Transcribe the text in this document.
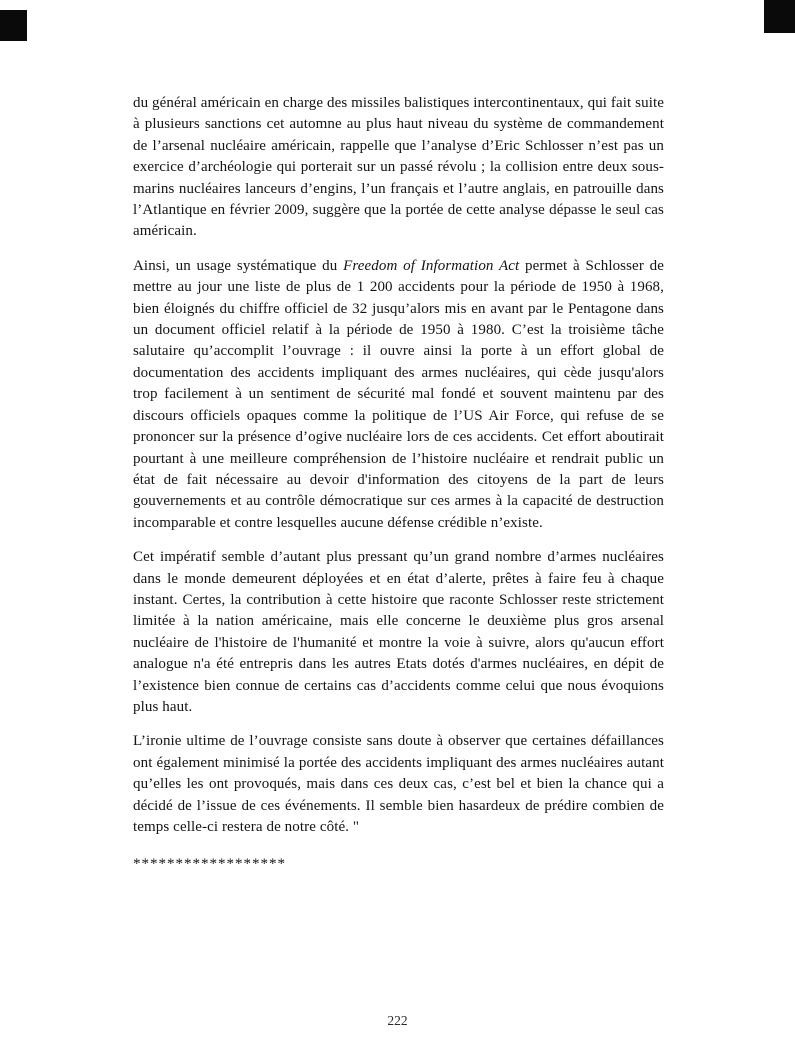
du général américain en charge des missiles balistiques intercontinentaux, qui fait suite à plusieurs sanctions cet automne au plus haut niveau du système de commandement de l’arsenal nucléaire américain, rappelle que l’analyse d’Eric Schlosser n’est pas un exercice d’archéologie qui porterait sur un passé révolu ; la collision entre deux sous-marins nucléaires lanceurs d’engins, l’un français et l’autre anglais, en patrouille dans l’Atlantique en février 2009, suggère que la portée de cette analyse dépasse le seul cas américain.

Ainsi, un usage systématique du Freedom of Information Act permet à Schlosser de mettre au jour une liste de plus de 1 200 accidents pour la période de 1950 à 1968, bien éloignés du chiffre officiel de 32 jusqu’alors mis en avant par le Pentagone dans un document officiel relatif à la période de 1950 à 1980. C’est la troisième tâche salutaire qu’accomplit l’ouvrage : il ouvre ainsi la porte à un effort global de documentation des accidents impliquant des armes nucléaires, qui cède jusqu'alors trop facilement à un sentiment de sécurité mal fondé et souvent maintenu par des discours officiels opaques comme la politique de l’US Air Force, qui refuse de se prononcer sur la présence d’ogive nucléaire lors de ces accidents. Cet effort aboutirait pourtant à une meilleure compréhension de l’histoire nucléaire et rendrait public un état de fait nécessaire au devoir d'information des citoyens de la part de leurs gouvernements et au contrôle démocratique sur ces armes à la capacité de destruction incomparable et contre lesquelles aucune défense crédible n’existe.

Cet impératif semble d’autant plus pressant qu’un grand nombre d’armes nucléaires dans le monde demeurent déployées et en état d’alerte, prêtes à faire feu à chaque instant. Certes, la contribution à cette histoire que raconte Schlosser reste strictement limitée à la nation américaine, mais elle concerne le deuxième plus gros arsenal nucléaire de l'histoire de l'humanité et montre la voie à suivre, alors qu'aucun effort analogue n'a été entrepris dans les autres Etats dotés d'armes nucléaires, en dépit de l’existence bien connue de certains cas d’accidents comme celui que nous évoquions plus haut.

L’ironie ultime de l’ouvrage consiste sans doute à observer que certaines défaillances ont également minimisé la portée des accidents impliquant des armes nucléaires autant qu’elles les ont provoqués, mais dans ces deux cas, c’est bel et bien la chance qui a décidé de l’issue de ces événements. Il semble bien hasardeux de prédire combien de temps celle-ci restera de notre côté. "

******************
222
